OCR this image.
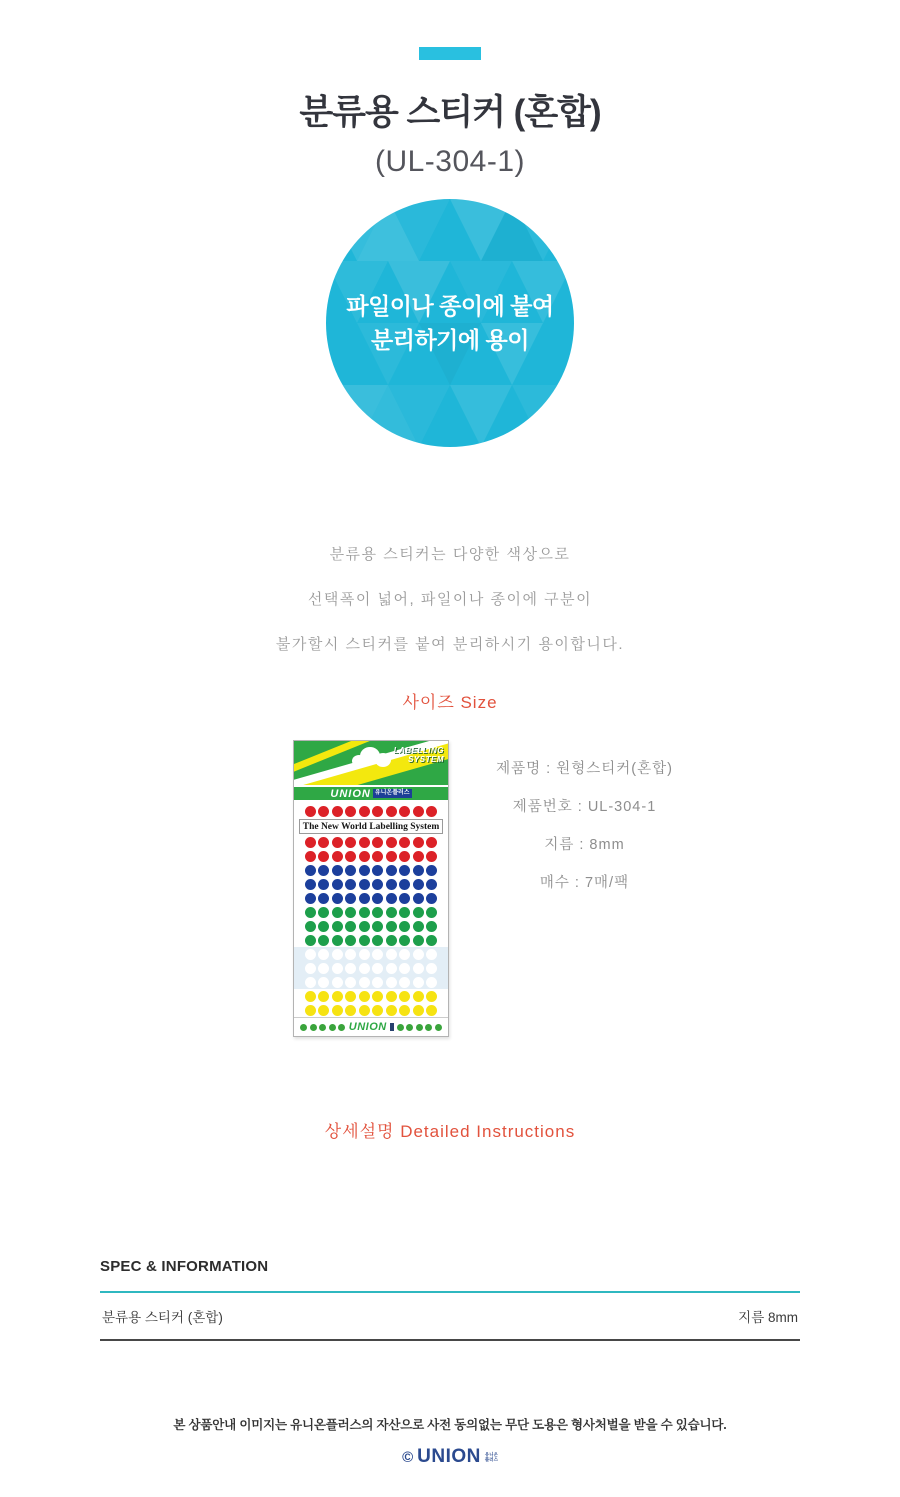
분류용 스티커 (혼합)
(UL-304-1)
파일이나 종이에 붙여
분리하기에 용이
분류용 스티커는 다양한 색상으로
선택폭이 넓어, 파일이나 종이에 구분이
불가할시 스티커를 붙여 분리하시기 용이합니다.
사이즈 Size
LABELLING
SYSTEM
UNION 유니온플러스
The New World Labelling System
UNION
제품명 : 원형스티커(혼합)
제품번호 : UL-304-1
지름 : 8mm
매수 : 7매/팩
상세설명 Detailed Instructions
SPEC & INFORMATION
분류용 스티커 (혼합)	지름 8mm
본 상품안내 이미지는 유니온플러스의 자산으로 사전 동의없는 무단 도용은 형사처벌을 받을 수 있습니다.
© UNION 유니온
플러스
